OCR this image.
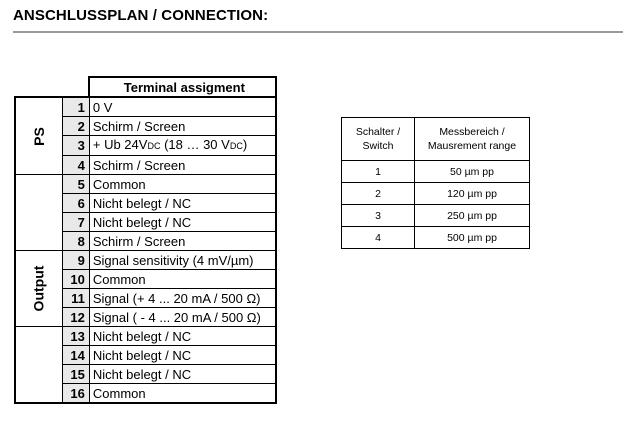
ANSCHLUSSPLAN / CONNECTION:
		Terminal assigment
PS	1	0 V
	2	Schirm / Screen
	3	+ Ub 24VDC (18 … 30 VDC)
	4	Schirm / Screen
	5	Common
	6	Nicht belegt / NC
	7	Nicht belegt / NC
	8	Schirm / Screen
Output	9	Signal sensitivity (4 mV/µm)
	10	Common
	11	Signal (+ 4 ... 20 mA / 500 Ω)
	12	Signal ( - 4 ... 20 mA / 500 Ω)
	13	Nicht belegt / NC
	14	Nicht belegt / NC
	15	Nicht belegt / NC
	16	Common
Schalter /
Switch	Messbereich /
Mausrement range
1	50 µm pp
2	120 µm pp
3	250 µm pp
4	500 µm pp
